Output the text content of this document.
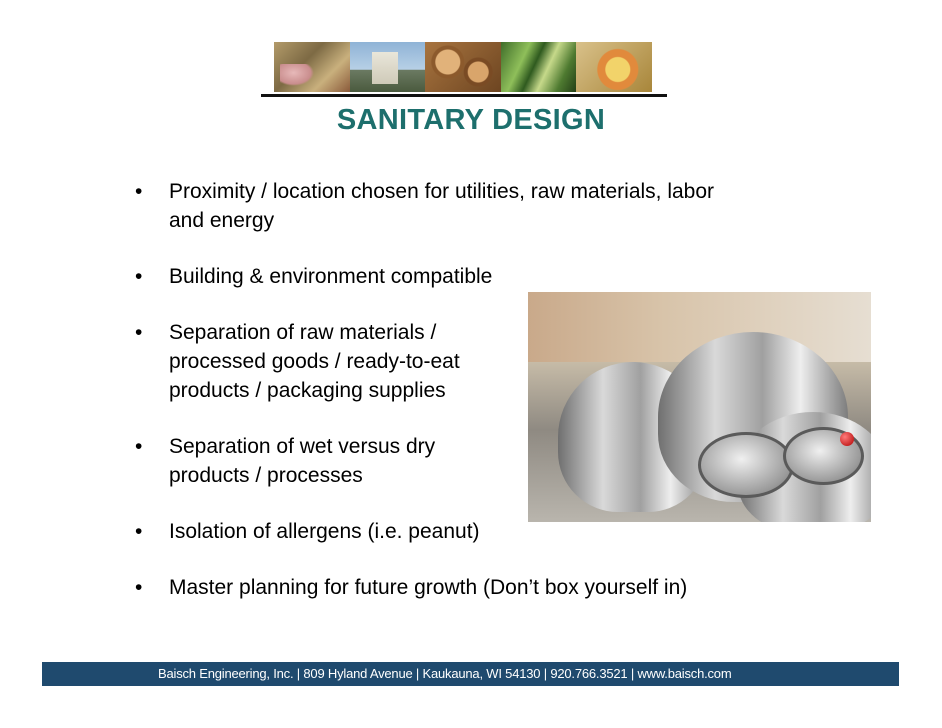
SANITARY DESIGN
• Proximity / location chosen for utilities, raw materials, labor
and energy
• Building & environment compatible
• Separation of raw materials /
processed goods / ready-to-eat
products / packaging supplies
• Separation of wet versus dry
products / processes
• Isolation of allergens (i.e. peanut)
• Master planning for future growth (Don’t box yourself in)
Baisch Engineering, Inc. | 809 Hyland Avenue | Kaukauna, WI 54130 | 920.766.3521 | www.baisch.com
